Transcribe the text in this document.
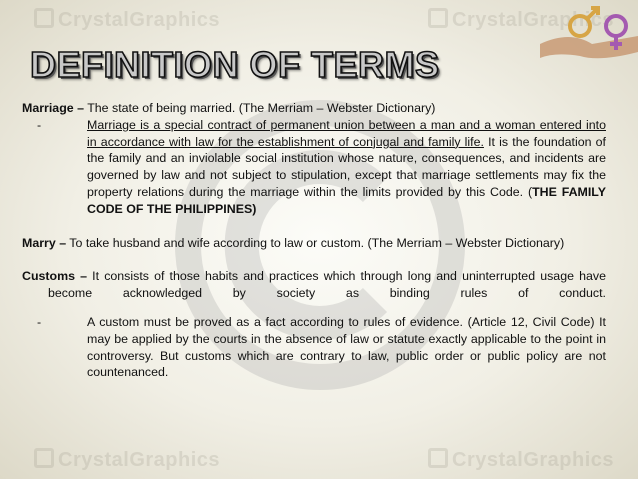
CrystalGraphics	CrystalGraphics
CrystalGraphics	CrystalGraphics
DEFINITION OF TERMS

Marriage – The state of being married. (The Merriam – Webster Dictionary)

-	Marriage is a special contract of permanent union between a man and a woman entered into in accordance with law for the establishment of conjugal and family life. It is the foundation of the family and an inviolable social institution whose nature, consequences, and incidents are governed by law and not subject to stipulation, except that marriage settlements may fix the property relations during the marriage within the limits provided by this Code. (THE FAMILY CODE OF THE PHILIPPINES)

Marry – To take husband and wife according to law or custom. (The Merriam – Webster Dictionary)

Customs – It consists of those habits and practices which through long and uninterrupted usage have become acknowledged by society as binding rules of conduct.

-	A custom must be proved as a fact according to rules of evidence. (Article 12, Civil Code) It may be applied by the courts in the absence of law or statute exactly applicable to the point in controversy. But customs which are contrary to law, public order or public policy are not countenanced.
